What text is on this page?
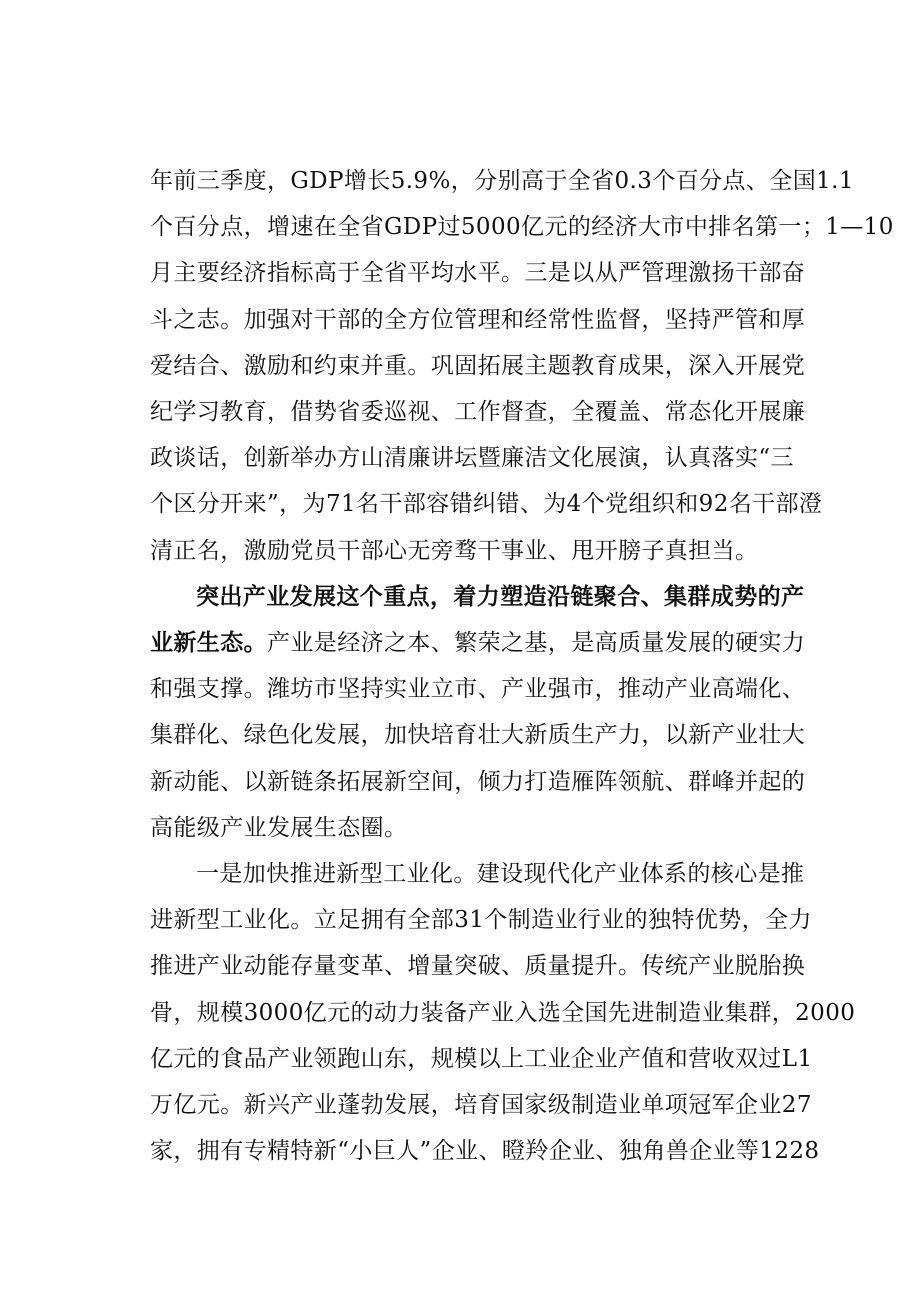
年前三季度，GDP增长5.9%，分别高于全省0.3个百分点、全国1.1
个百分点，增速在全省GDP过5000亿元的经济大市中排名第一；1—10
月主要经济指标高于全省平均水平。三是以从严管理激扬干部奋
斗之志。加强对干部的全方位管理和经常性监督，坚持严管和厚
爱结合、激励和约束并重。巩固拓展主题教育成果，深入开展党
纪学习教育，借势省委巡视、工作督查，全覆盖、常态化开展廉
政谈话，创新举办方山清廉讲坛暨廉洁文化展演，认真落实“三
个区分开来”，为71名干部容错纠错、为4个党组织和92名干部澄
清正名，激励党员干部心无旁骛干事业、甩开膀子真担当。

突出产业发展这个重点，着力塑造沿链聚合、集群成势的产
业新生态。产业是经济之本、繁荣之基，是高质量发展的硬实力
和强支撑。潍坊市坚持实业立市、产业强市，推动产业高端化、
集群化、绿色化发展，加快培育壮大新质生产力，以新产业壮大
新动能、以新链条拓展新空间，倾力打造雁阵领航、群峰并起的
高能级产业发展生态圈。

一是加快推进新型工业化。建设现代化产业体系的核心是推
进新型工业化。立足拥有全部31个制造业行业的独特优势，全力
推进产业动能存量变革、增量突破、质量提升。传统产业脱胎换
骨，规模3000亿元的动力装备产业入选全国先进制造业集群，2000
亿元的食品产业领跑山东，规模以上工业企业产值和营收双过L1
万亿元。新兴产业蓬勃发展，培育国家级制造业单项冠军企业27
家，拥有专精特新“小巨人”企业、瞪羚企业、独角兽企业等1228
